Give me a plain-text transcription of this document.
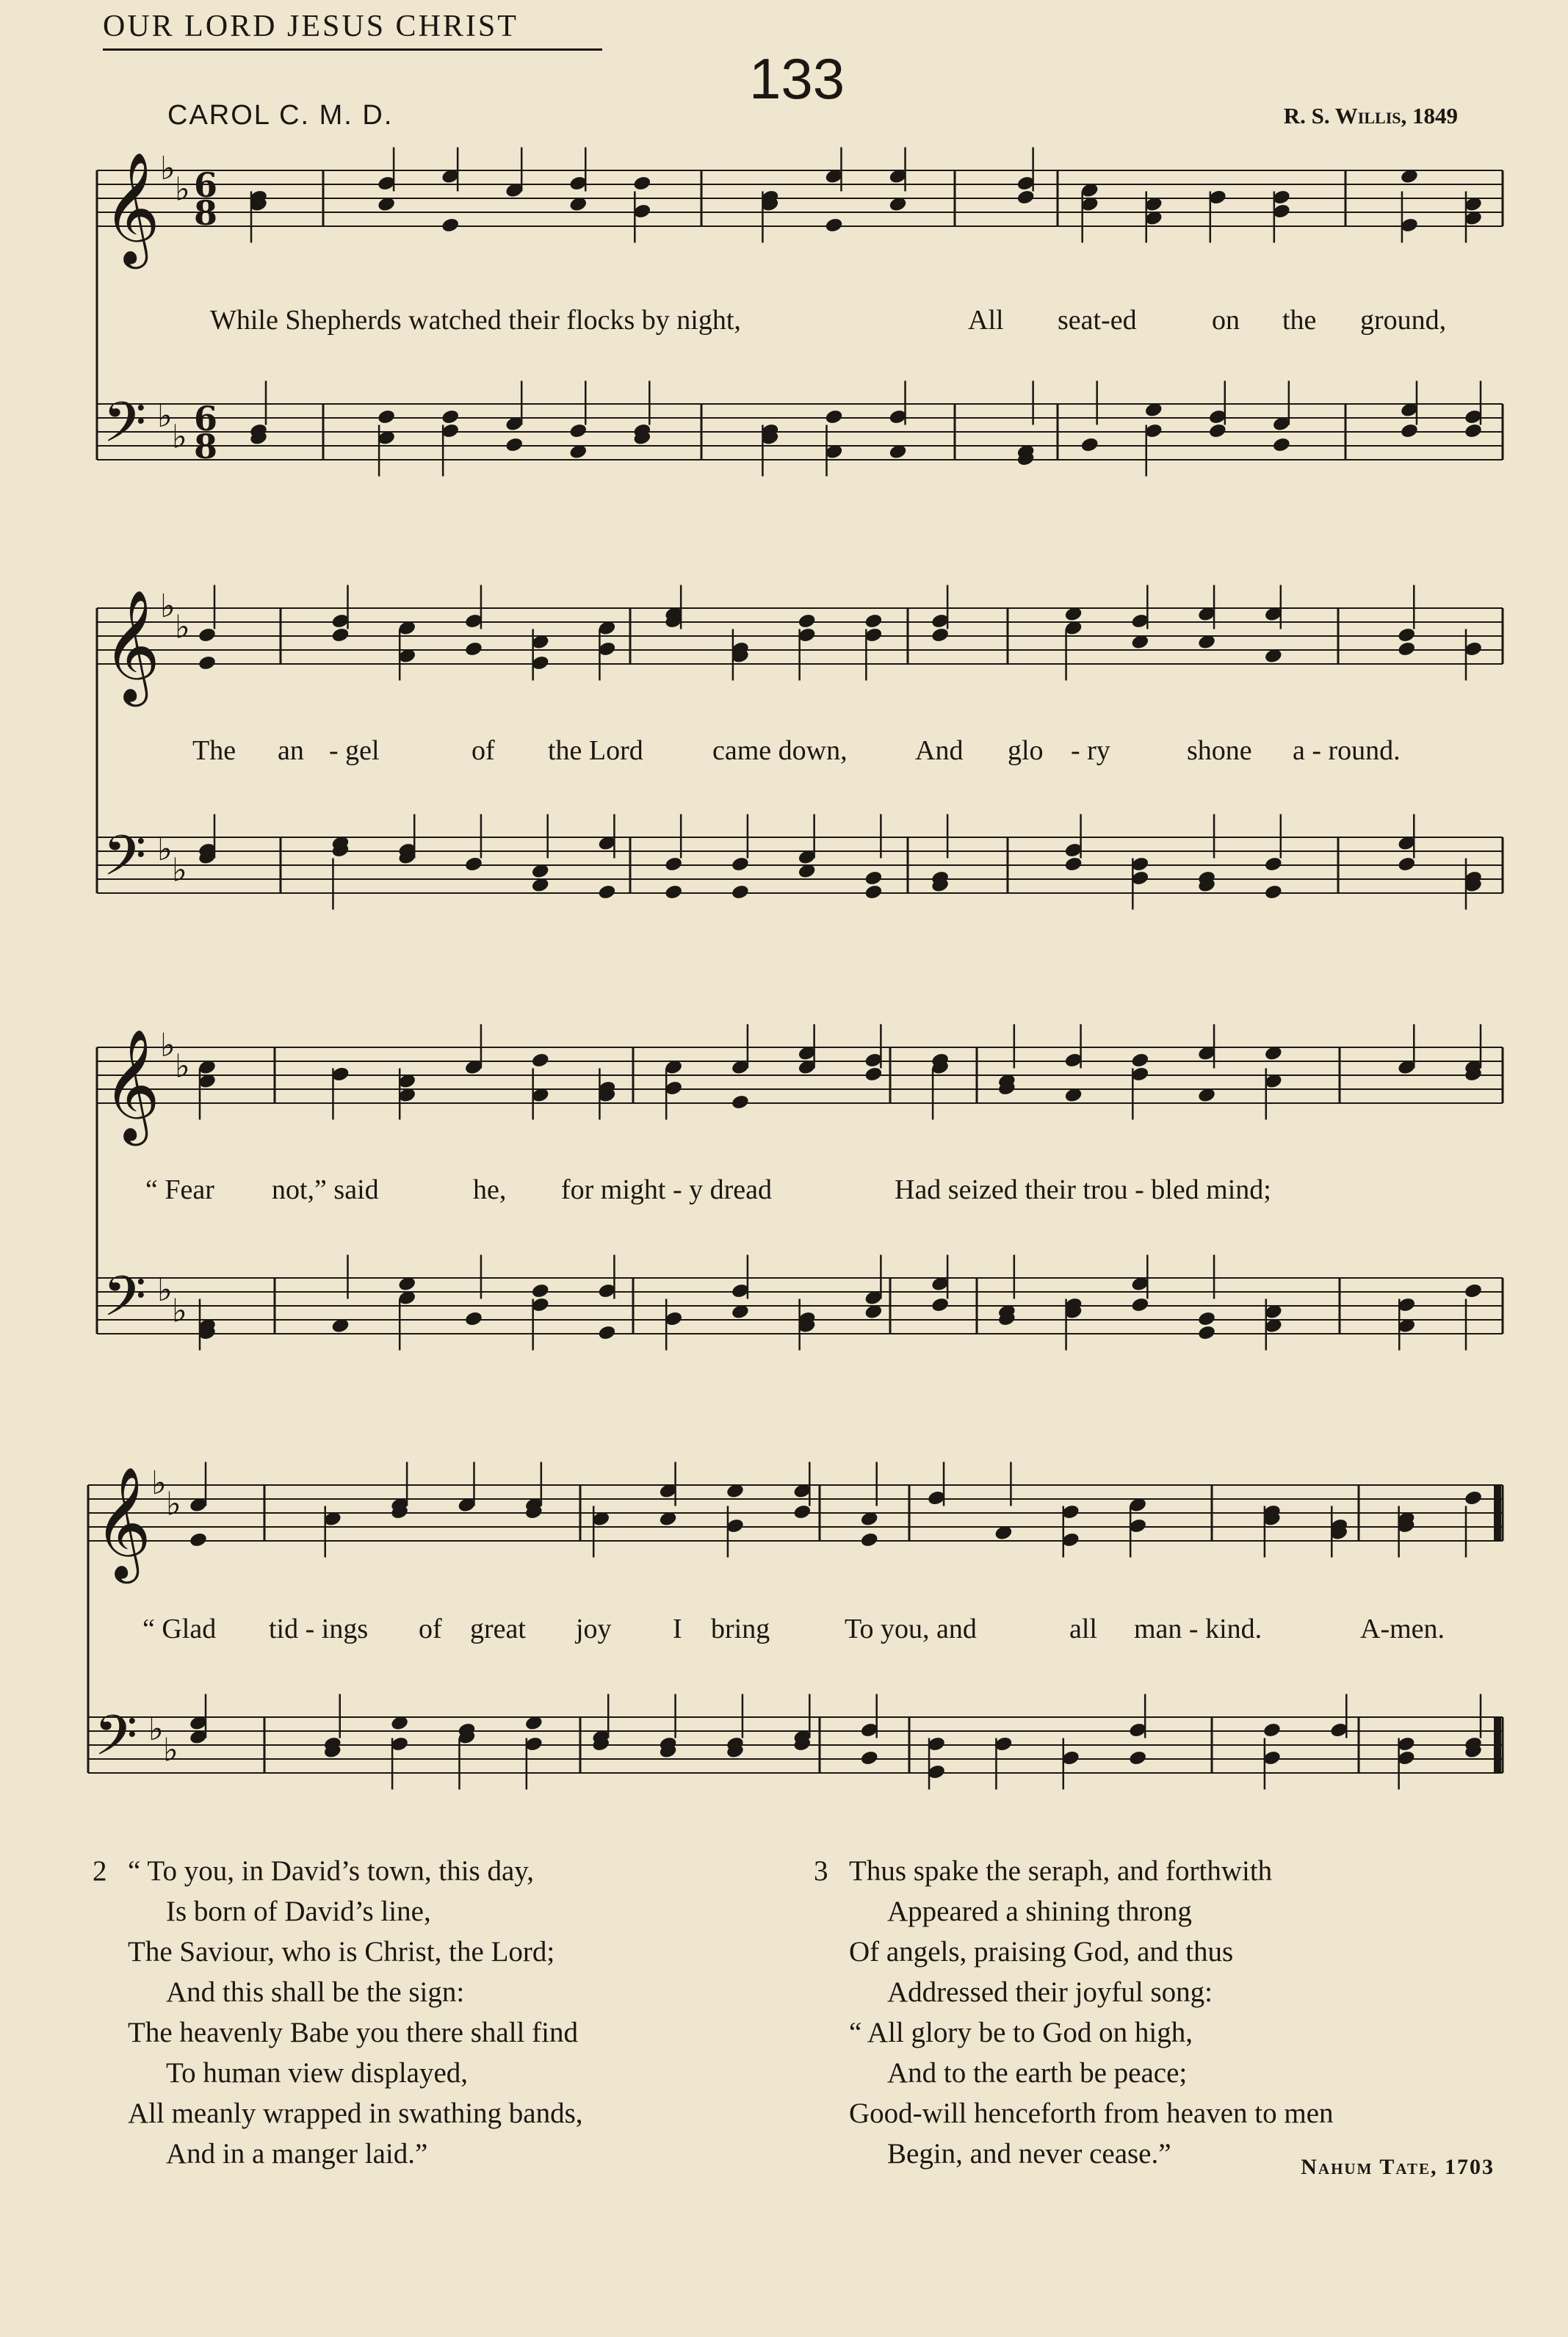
OUR LORD JESUS CHRIST
133
CAROL C. M. D.	R. S. Willis, 1849
𝄞 ♭
♭ 6
8
𝄢 ♭
♭ 6
8
𝄞 ♭
♭
𝄢 ♭
♭
𝄞 ♭
♭
𝄢 ♭
♭
𝄞 ♭
♭
𝄢 ♭
♭
While Shepherds watched their flocks by night,	All seat-ed	on the ground,
The an - gel	of the Lord came down, And glo - ry	shone a - round.
“ Fear not,” said	he, for might - y dread	Had seized their trou - bled mind;
“ Glad tid - ings of great joy I bring	To you, and	all man - kind.	A-men.
2 “ To you, in David’s town, this day,
Is born of David’s line,
The Saviour, who is Christ, the Lord;
And this shall be the sign:
The heavenly Babe you there shall find
To human view displayed,
All meanly wrapped in swathing bands,
And in a manger laid.”
3 Thus spake the seraph, and forthwith
Appeared a shining throng
Of angels, praising God, and thus
Addressed their joyful song:
“ All glory be to God on high,
And to the earth be peace;
Good-will henceforth from heaven to men
Begin, and never cease.”	Nahum Tate, 1703
